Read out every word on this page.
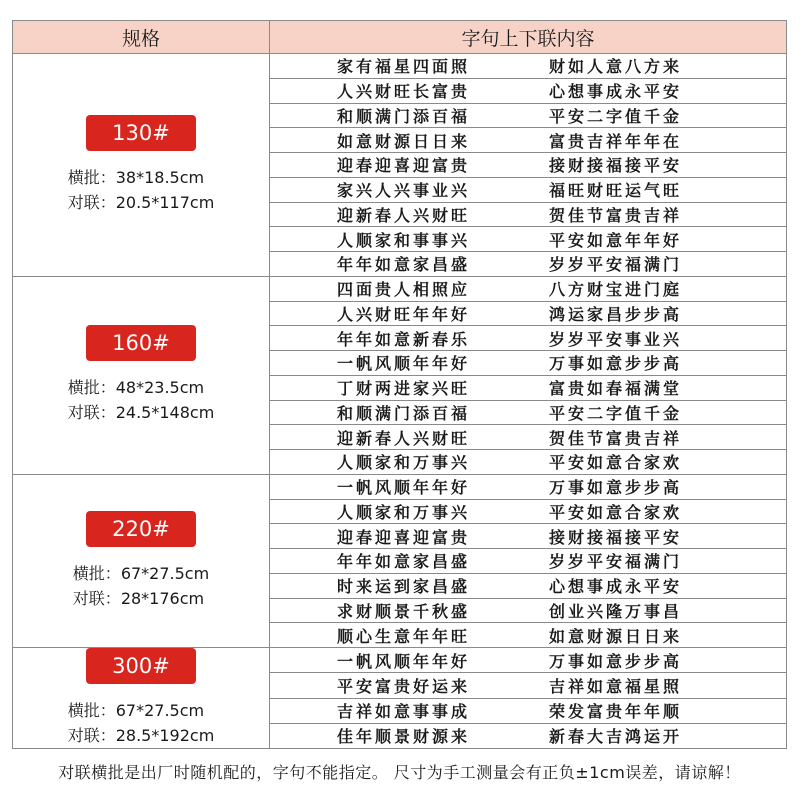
规格	字句上下联内容
130#

横批：38*18.5cm
对联：20.5*117cm	家有福星四面照 财如人意八方来
	人兴财旺长富贵 心想事成永平安
	和顺满门添百福 平安二字值千金
	如意财源日日来 富贵吉祥年年在
	迎春迎喜迎富贵 接财接福接平安
	家兴人兴事业兴 福旺财旺运气旺
	迎新春人兴财旺 贺佳节富贵吉祥
	人顺家和事事兴 平安如意年年好
	年年如意家昌盛 岁岁平安福满门
160#

横批：48*23.5cm
对联：24.5*148cm	四面贵人相照应 八方财宝进门庭
	人兴财旺年年好 鸿运家昌步步高
	年年如意新春乐 岁岁平安事业兴
	一帆风顺年年好 万事如意步步高
	丁财两进家兴旺 富贵如春福满堂
	和顺满门添百福 平安二字值千金
	迎新春人兴财旺 贺佳节富贵吉祥
	人顺家和万事兴 平安如意合家欢
220#

横批：67*27.5cm
对联：28*176cm	一帆风顺年年好 万事如意步步高
	人顺家和万事兴 平安如意合家欢
	迎春迎喜迎富贵 接财接福接平安
	年年如意家昌盛 岁岁平安福满门
	时来运到家昌盛 心想事成永平安
	求财顺景千秋盛 创业兴隆万事昌
	顺心生意年年旺 如意财源日日来
300#

横批：67*27.5cm
对联：28.5*192cm	一帆风顺年年好 万事如意步步高
	平安富贵好运来 吉祥如意福星照
	吉祥如意事事成 荣发富贵年年顺
	佳年顺景财源来 新春大吉鸿运开
对联横批是出厂时随机配的，字句不能指定。 尺寸为手工测量会有正负±1cm误差，请谅解！
